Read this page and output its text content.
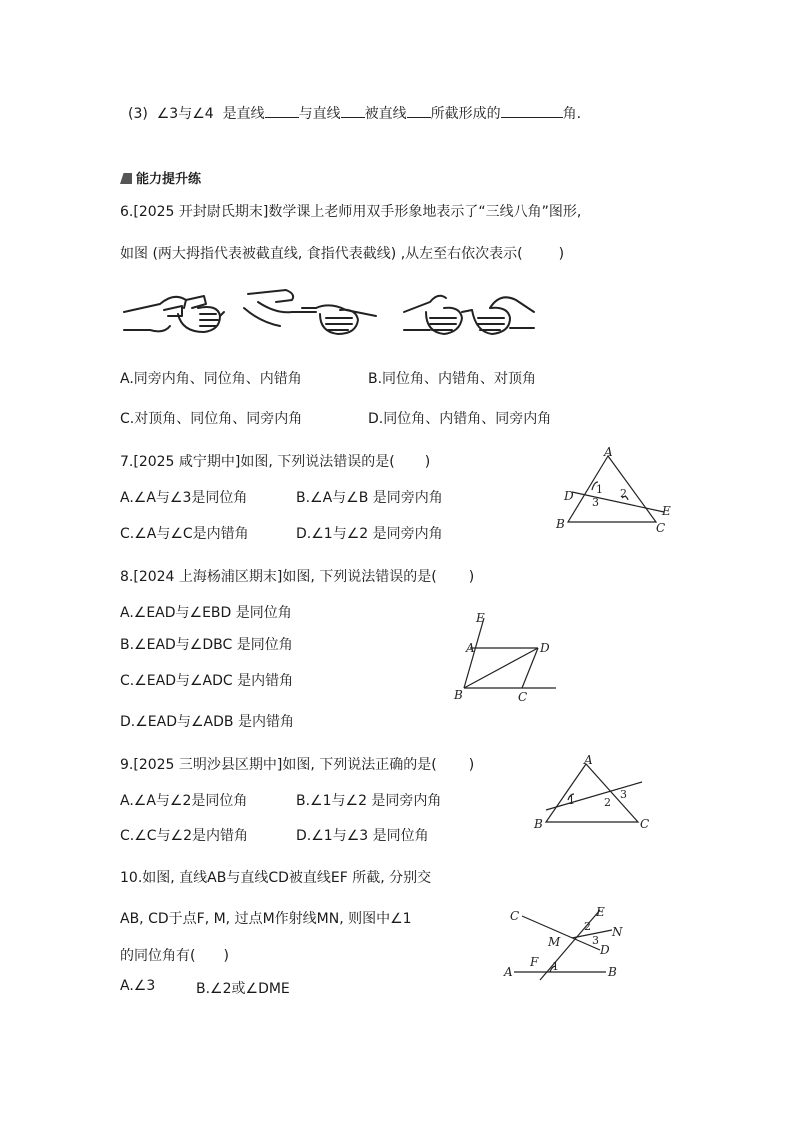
(3) ∠3与∠4 是直线 与直线 被直线 所截形成的	角.
能力提升练
6.[2025 开封尉氏期末]数学课上老师用双手形象地表示了“三线八角”图形,
如图 (两大拇指代表被截直线, 食指代表截线) ,从左至右依次表示(	)
A.同旁内角、同位角、内错角	B.同位角、内错角、对顶角
C.对顶角、同位角、同旁内角	D.同位角、内错角、同旁内角
7.[2025 咸宁期中]如图, 下列说法错误的是( )
A.∠A与∠3是同位角	B.∠A与∠B 是同旁内角
C.∠A与∠C是内错角	D.∠1与∠2 是同旁内角
A
B	C
D
E
1 2
3
8.[2024 上海杨浦区期末]如图, 下列说法错误的是( )
A.∠EAD与∠EBD 是同位角
B.∠EAD与∠DBC 是同位角
C.∠EAD与∠ADC 是内错角
D.∠EAD与∠ADB 是内错角
E
A	D
B	C
9.[2025 三明沙县区期中]如图, 下列说法正确的是( )
A.∠A与∠2是同位角	B.∠1与∠2 是同旁内角
C.∠C与∠2是内错角	D.∠1与∠3 是同位角
A
B	C
1	2
3
10.如图, 直线AB与直线CD被直线EF 所截, 分别交
AB, CD于点F, M, 过点M作射线MN, 则图中∠1
的同位角有( )
A.∠3	B.∠2或∠DME
C	E
N
M
D
F
A	B
1
2
3
